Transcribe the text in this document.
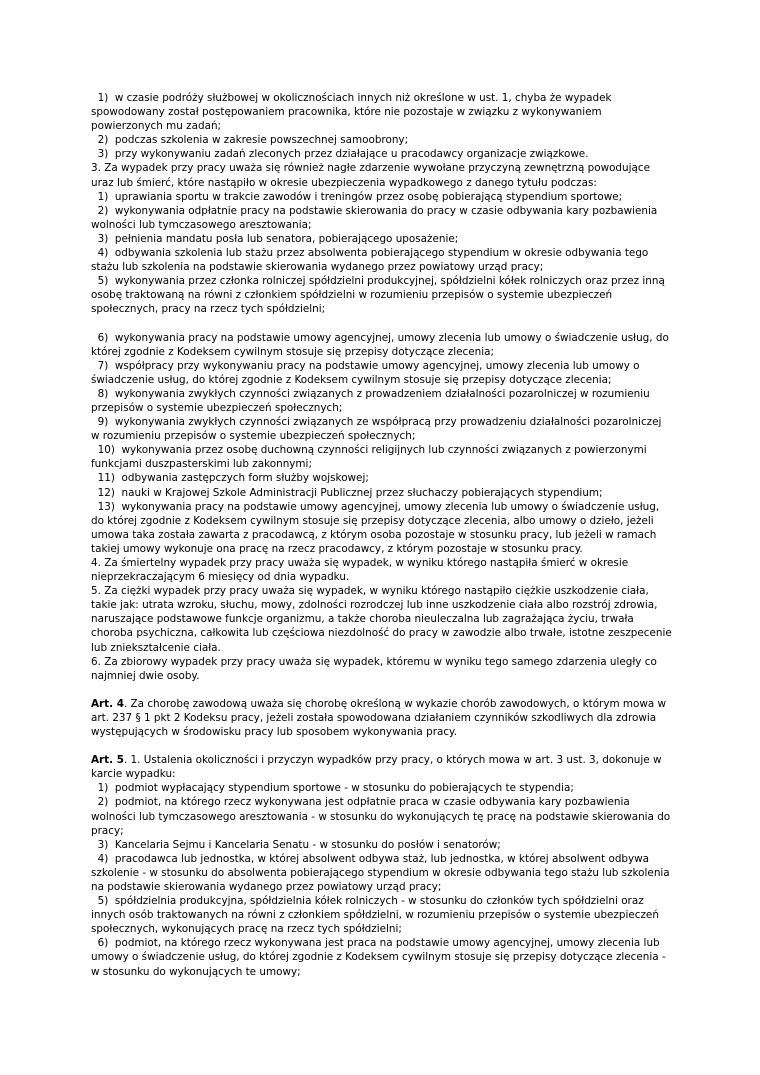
1)  w czasie podróży służbowej w okolicznościach innych niż określone w ust. 1, chyba że wypadek spowodowany został postępowaniem pracownika, które nie pozostaje w związku z wykonywaniem powierzonych mu zadań;

2)  podczas szkolenia w zakresie powszechnej samoobrony;

3)  przy wykonywaniu zadań zleconych przez działające u pracodawcy organizacje związkowe.

3. Za wypadek przy pracy uważa się również nagłe zdarzenie wywołane przyczyną zewnętrzną powodujące uraz lub śmierć, które nastąpiło w okresie ubezpieczenia wypadkowego z danego tytułu podczas:

1)  uprawiania sportu w trakcie zawodów i treningów przez osobę pobierającą stypendium sportowe;

2)  wykonywania odpłatnie pracy na podstawie skierowania do pracy w czasie odbywania kary pozbawienia wolności lub tymczasowego aresztowania;

3)  pełnienia mandatu posła lub senatora, pobierającego uposażenie;

4)  odbywania szkolenia lub stażu przez absolwenta pobierającego stypendium w okresie odbywania tego stażu lub szkolenia na podstawie skierowania wydanego przez powiatowy urząd pracy;

5)  wykonywania przez członka rolniczej spółdzielni produkcyjnej, spółdzielni kółek rolniczych oraz przez inną osobę traktowaną na równi z członkiem spółdzielni w rozumieniu przepisów o systemie ubezpieczeń społecznych, pracy na rzecz tych spółdzielni;

6)  wykonywania pracy na podstawie umowy agencyjnej, umowy zlecenia lub umowy o świadczenie usług, do której zgodnie z Kodeksem cywilnym stosuje się przepisy dotyczące zlecenia;

7)  współpracy przy wykonywaniu pracy na podstawie umowy agencyjnej, umowy zlecenia lub umowy o świadczenie usług, do której zgodnie z Kodeksem cywilnym stosuje się przepisy dotyczące zlecenia;

8)  wykonywania zwykłych czynności związanych z prowadzeniem działalności pozarolniczej w rozumieniu przepisów o systemie ubezpieczeń społecznych;

9)  wykonywania zwykłych czynności związanych ze współpracą przy prowadzeniu działalności pozarolniczej w rozumieniu przepisów o systemie ubezpieczeń społecznych;

10)  wykonywania przez osobę duchowną czynności religijnych lub czynności związanych z powierzonymi funkcjami duszpasterskimi lub zakonnymi;

11)  odbywania zastępczych form służby wojskowej;

12)  nauki w Krajowej Szkole Administracji Publicznej przez słuchaczy pobierających stypendium;

13)  wykonywania pracy na podstawie umowy agencyjnej, umowy zlecenia lub umowy o świadczenie usług, do której zgodnie z Kodeksem cywilnym stosuje się przepisy dotyczące zlecenia, albo umowy o dzieło, jeżeli umowa taka została zawarta z pracodawcą, z którym osoba pozostaje w stosunku pracy, lub jeżeli w ramach takiej umowy wykonuje ona pracę na rzecz pracodawcy, z którym pozostaje w stosunku pracy.

4. Za śmiertelny wypadek przy pracy uważa się wypadek, w wyniku którego nastąpiła śmierć w okresie nieprzekraczającym 6 miesięcy od dnia wypadku.

5. Za ciężki wypadek przy pracy uważa się wypadek, w wyniku którego nastąpiło ciężkie uszkodzenie ciała, takie jak: utrata wzroku, słuchu, mowy, zdolności rozrodczej lub inne uszkodzenie ciała albo rozstrój zdrowia, naruszające podstawowe funkcje organizmu, a także choroba nieuleczalna lub zagrażająca życiu, trwała choroba psychiczna, całkowita lub częściowa niezdolność do pracy w zawodzie albo trwałe, istotne zeszpecenie lub zniekształcenie ciała.

6. Za zbiorowy wypadek przy pracy uważa się wypadek, któremu w wyniku tego samego zdarzenia uległy co najmniej dwie osoby.

Art. 4. Za chorobę zawodową uważa się chorobę określoną w wykazie chorób zawodowych, o którym mowa w art. 237 § 1 pkt 2 Kodeksu pracy, jeżeli została spowodowana działaniem czynników szkodliwych dla zdrowia występujących w środowisku pracy lub sposobem wykonywania pracy.

Art. 5. 1. Ustalenia okoliczności i przyczyn wypadków przy pracy, o których mowa w art. 3 ust. 3, dokonuje w karcie wypadku:

1)  podmiot wypłacający stypendium sportowe - w stosunku do pobierających te stypendia;

2)  podmiot, na którego rzecz wykonywana jest odpłatnie praca w czasie odbywania kary pozbawienia wolności lub tymczasowego aresztowania - w stosunku do wykonujących tę pracę na podstawie skierowania do pracy;

3)  Kancelaria Sejmu i Kancelaria Senatu - w stosunku do posłów i senatorów;

4)  pracodawca lub jednostka, w której absolwent odbywa staż, lub jednostka, w której absolwent odbywa szkolenie - w stosunku do absolwenta pobierającego stypendium w okresie odbywania tego stażu lub szkolenia na podstawie skierowania wydanego przez powiatowy urząd pracy;

5)  spółdzielnia produkcyjna, spółdzielnia kółek rolniczych - w stosunku do członków tych spółdzielni oraz innych osób traktowanych na równi z członkiem spółdzielni, w rozumieniu przepisów o systemie ubezpieczeń społecznych, wykonujących pracę na rzecz tych spółdzielni;

6)  podmiot, na którego rzecz wykonywana jest praca na podstawie umowy agencyjnej, umowy zlecenia lub umowy o świadczenie usług, do której zgodnie z Kodeksem cywilnym stosuje się przepisy dotyczące zlecenia - w stosunku do wykonujących te umowy;
